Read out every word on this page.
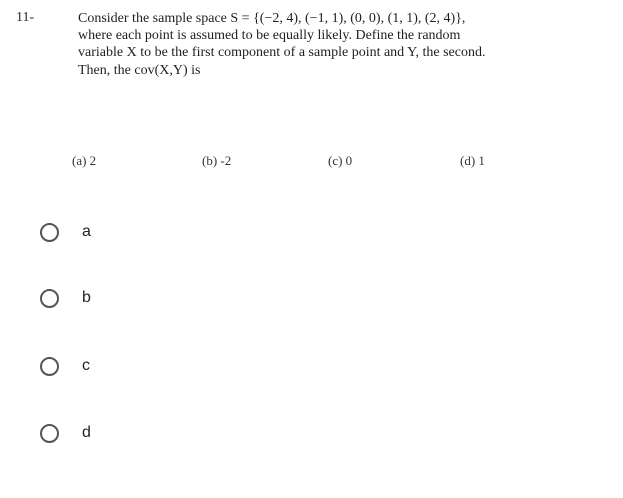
11-	Consider the sample space S = {(−2, 4), (−1, 1), (0, 0), (1, 1), (2, 4)},
where each point is assumed to be equally likely. Define the random
variable X to be the first component of a sample point and Y, the second.
Then, the cov(X,Y) is
(a) 2	(b) -2	(c) 0	(d) 1
a
b
c
d
